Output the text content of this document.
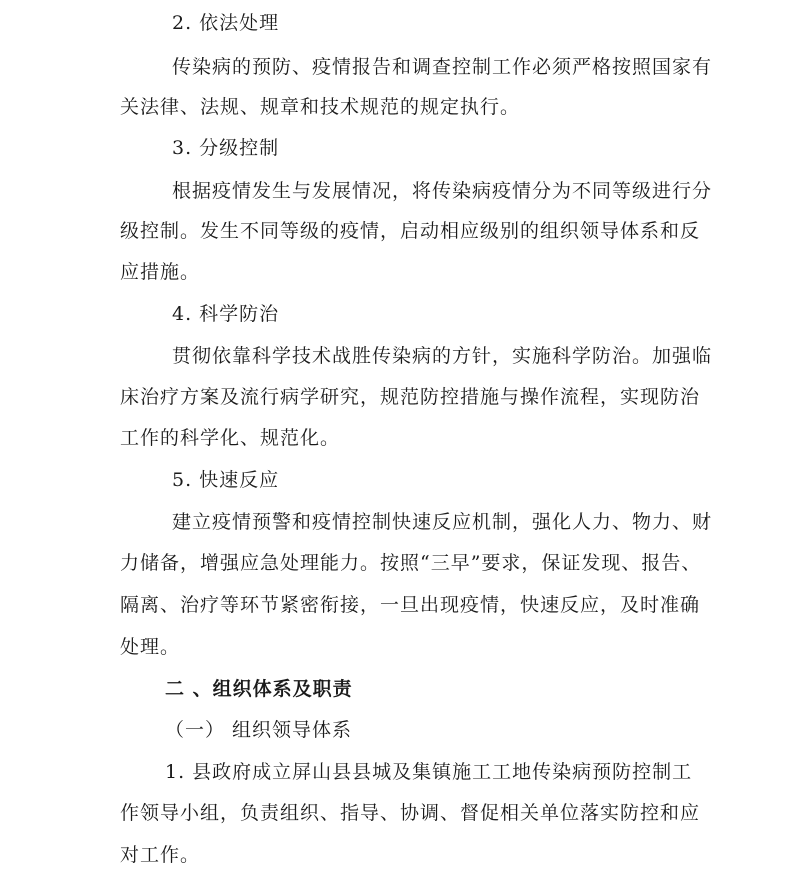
2. 依法处理
传染病的预防、疫情报告和调查控制工作必须严格按照国家有
关法律、法规、规章和技术规范的规定执行。
3. 分级控制
根据疫情发生与发展情况，将传染病疫情分为不同等级进行分
级控制。发生不同等级的疫情，启动相应级别的组织领导体系和反
应措施。
4. 科学防治
贯彻依靠科学技术战胜传染病的方针，实施科学防治。加强临
床治疗方案及流行病学研究，规范防控措施与操作流程，实现防治
工作的科学化、规范化。
5. 快速反应
建立疫情预警和疫情控制快速反应机制，强化人力、物力、财
力储备，增强应急处理能力。按照“三早”要求，保证发现、报告、
隔离、治疗等环节紧密衔接，一旦出现疫情，快速反应，及时准确
处理。
二 、组织体系及职责
（一） 组织领导体系
1. 县政府成立屏山县县城及集镇施工工地传染病预防控制工
作领导小组，负责组织、指导、协调、督促相关单位落实防控和应
对工作。
